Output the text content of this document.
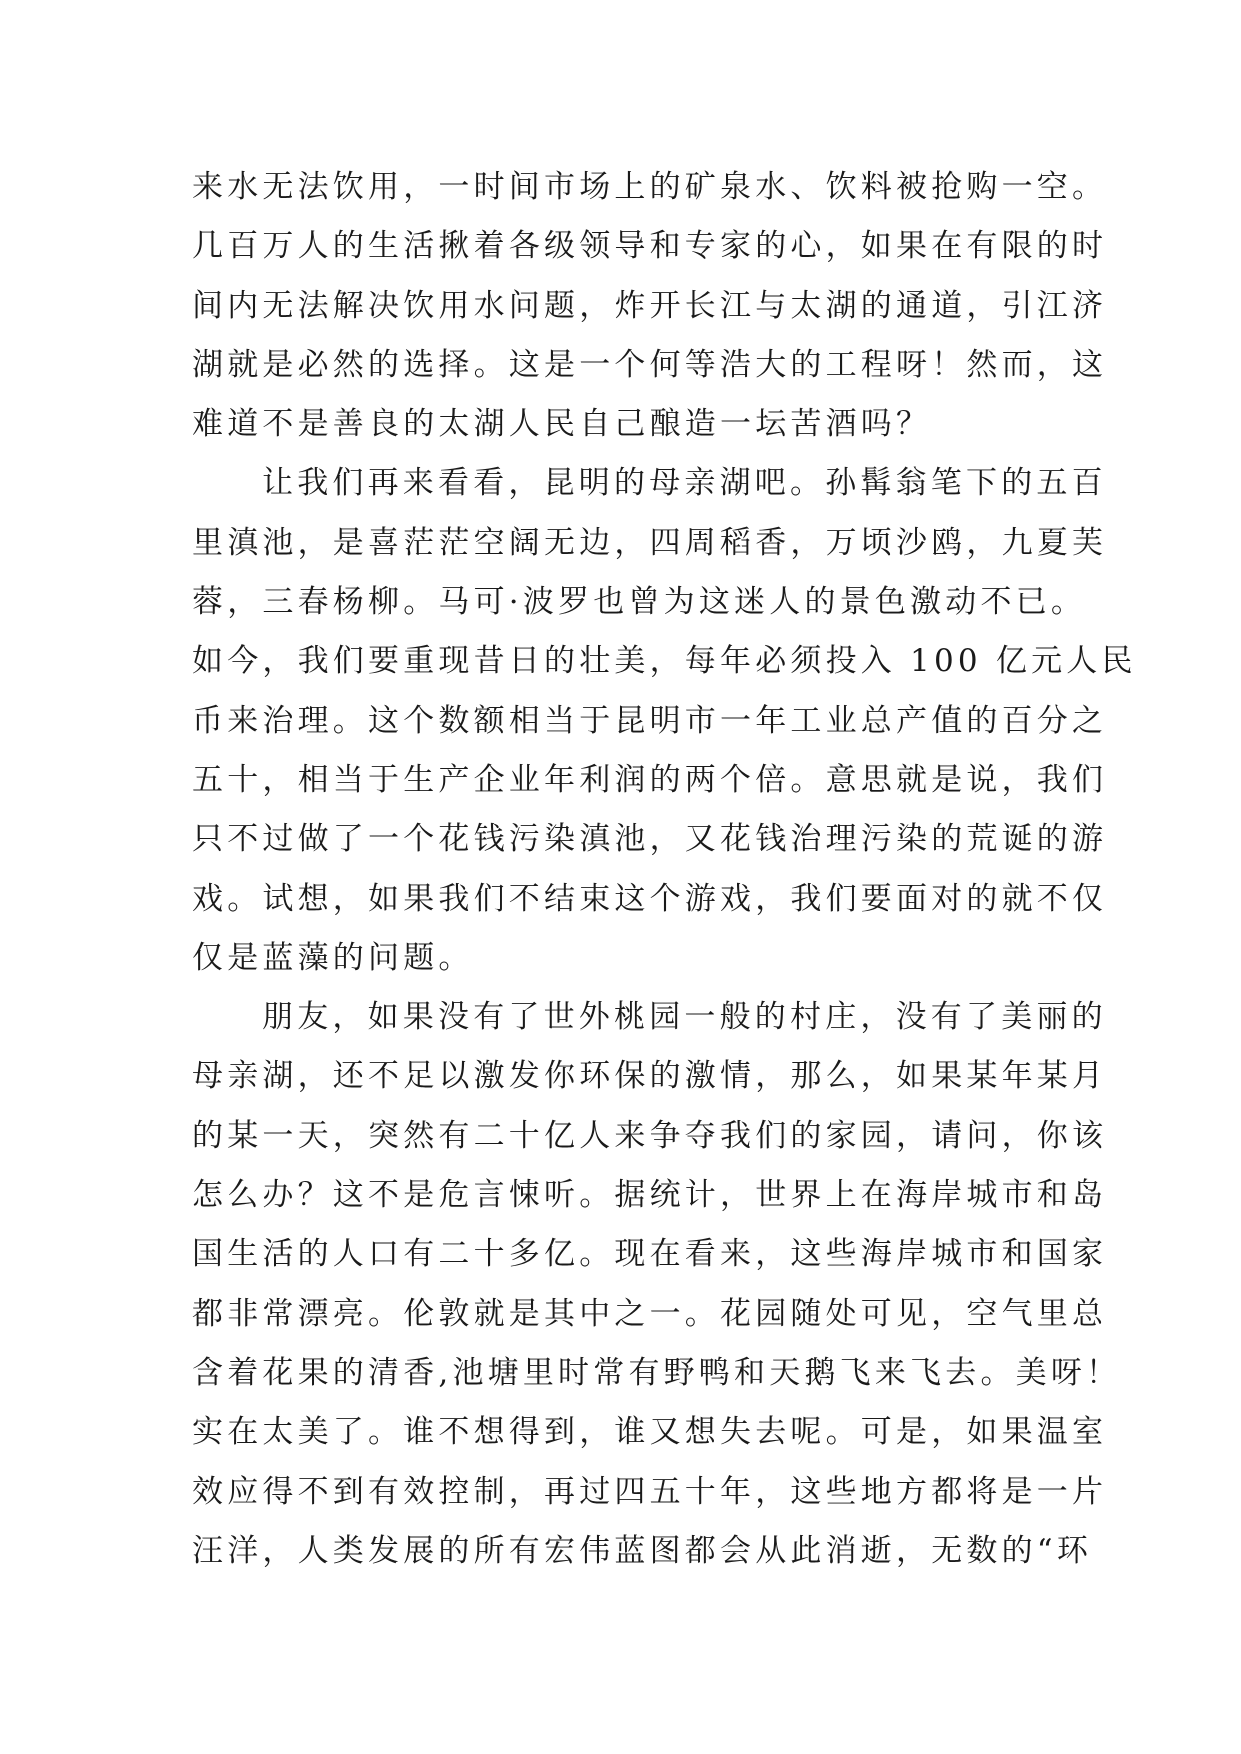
来水无法饮用，一时间市场上的矿泉水、饮料被抢购一空。
几百万人的生活揪着各级领导和专家的心，如果在有限的时
间内无法解决饮用水问题，炸开长江与太湖的通道，引江济
湖就是必然的选择。这是一个何等浩大的工程呀！然而，这
难道不是善良的太湖人民自己酿造一坛苦酒吗？
让我们再来看看，昆明的母亲湖吧。孙髯翁笔下的五百
里滇池，是喜茫茫空阔无边，四周稻香，万顷沙鸥，九夏芙
蓉，三春杨柳。马可·波罗也曾为这迷人的景色激动不已。
如今，我们要重现昔日的壮美，每年必须投入 100 亿元人民
币来治理。这个数额相当于昆明市一年工业总产值的百分之
五十，相当于生产企业年利润的两个倍。意思就是说，我们
只不过做了一个花钱污染滇池，又花钱治理污染的荒诞的游
戏。试想，如果我们不结束这个游戏，我们要面对的就不仅
仅是蓝藻的问题。
朋友，如果没有了世外桃园一般的村庄，没有了美丽的
母亲湖，还不足以激发你环保的激情，那么，如果某年某月
的某一天，突然有二十亿人来争夺我们的家园，请问，你该
怎么办？这不是危言悚听。据统计，世界上在海岸城市和岛
国生活的人口有二十多亿。现在看来，这些海岸城市和国家
都非常漂亮。伦敦就是其中之一。花园随处可见，空气里总
含着花果的清香,池塘里时常有野鸭和天鹅飞来飞去。美呀！
实在太美了。谁不想得到，谁又想失去呢。可是，如果温室
效应得不到有效控制，再过四五十年，这些地方都将是一片
汪洋，人类发展的所有宏伟蓝图都会从此消逝，无数的“环
